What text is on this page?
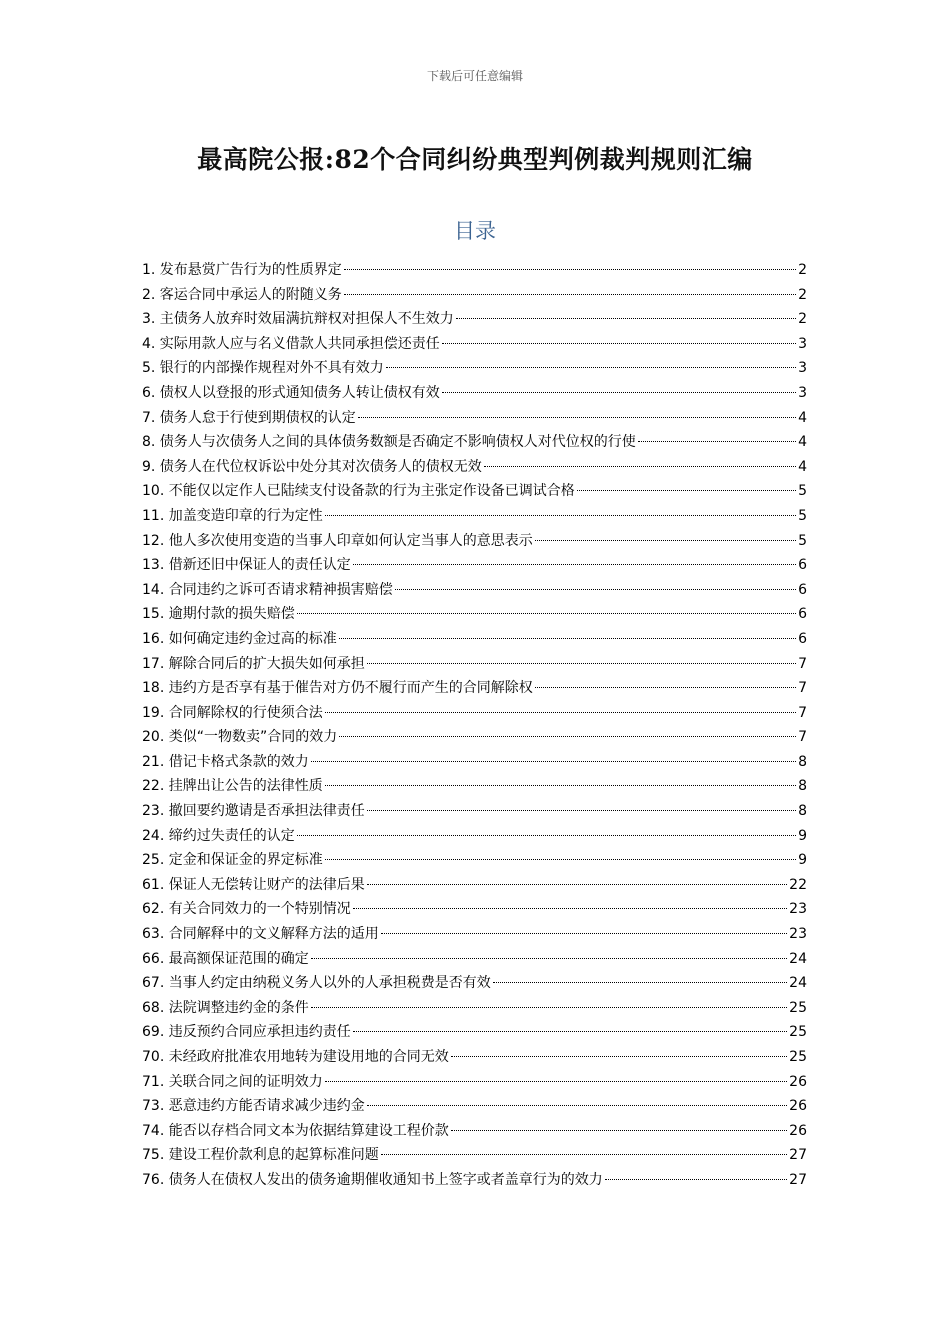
下载后可任意编辑
最高院公报:82个合同纠纷典型判例裁判规则汇编
目录
1. 发布悬赏广告行为的性质界定	2
2. 客运合同中承运人的附随义务	2
3. 主债务人放弃时效届满抗辩权对担保人不生效力	2
4. 实际用款人应与名义借款人共同承担偿还责任	3
5. 银行的内部操作规程对外不具有效力	3
6. 债权人以登报的形式通知债务人转让债权有效	3
7. 债务人怠于行使到期债权的认定	4
8. 债务人与次债务人之间的具体债务数额是否确定不影响债权人对代位权的行使	4
9. 债务人在代位权诉讼中处分其对次债务人的债权无效	4
10. 不能仅以定作人已陆续支付设备款的行为主张定作设备已调试合格	5
11. 加盖变造印章的行为定性	5
12. 他人多次使用变造的当事人印章如何认定当事人的意思表示	5
13. 借新还旧中保证人的责任认定	6
14. 合同违约之诉可否请求精神损害赔偿	6
15. 逾期付款的损失赔偿	6
16. 如何确定违约金过高的标准	6
17. 解除合同后的扩大损失如何承担	7
18. 违约方是否享有基于催告对方仍不履行而产生的合同解除权	7
19. 合同解除权的行使须合法	7
20. 类似“一物数卖”合同的效力	7
21. 借记卡格式条款的效力	8
22. 挂牌出让公告的法律性质	8
23. 撤回要约邀请是否承担法律责任	8
24. 缔约过失责任的认定	9
25. 定金和保证金的界定标准	9
61. 保证人无偿转让财产的法律后果	22
62. 有关合同效力的一个特别情况	23
63. 合同解释中的文义解释方法的适用	23
66. 最高额保证范围的确定	24
67. 当事人约定由纳税义务人以外的人承担税费是否有效	24
68. 法院调整违约金的条件	25
69. 违反预约合同应承担违约责任	25
70. 未经政府批准农用地转为建设用地的合同无效	25
71. 关联合同之间的证明效力	26
73. 恶意违约方能否请求减少违约金	26
74. 能否以存档合同文本为依据结算建设工程价款	26
75. 建设工程价款利息的起算标准问题	27
76. 债务人在债权人发出的债务逾期催收通知书上签字或者盖章行为的效力	27
